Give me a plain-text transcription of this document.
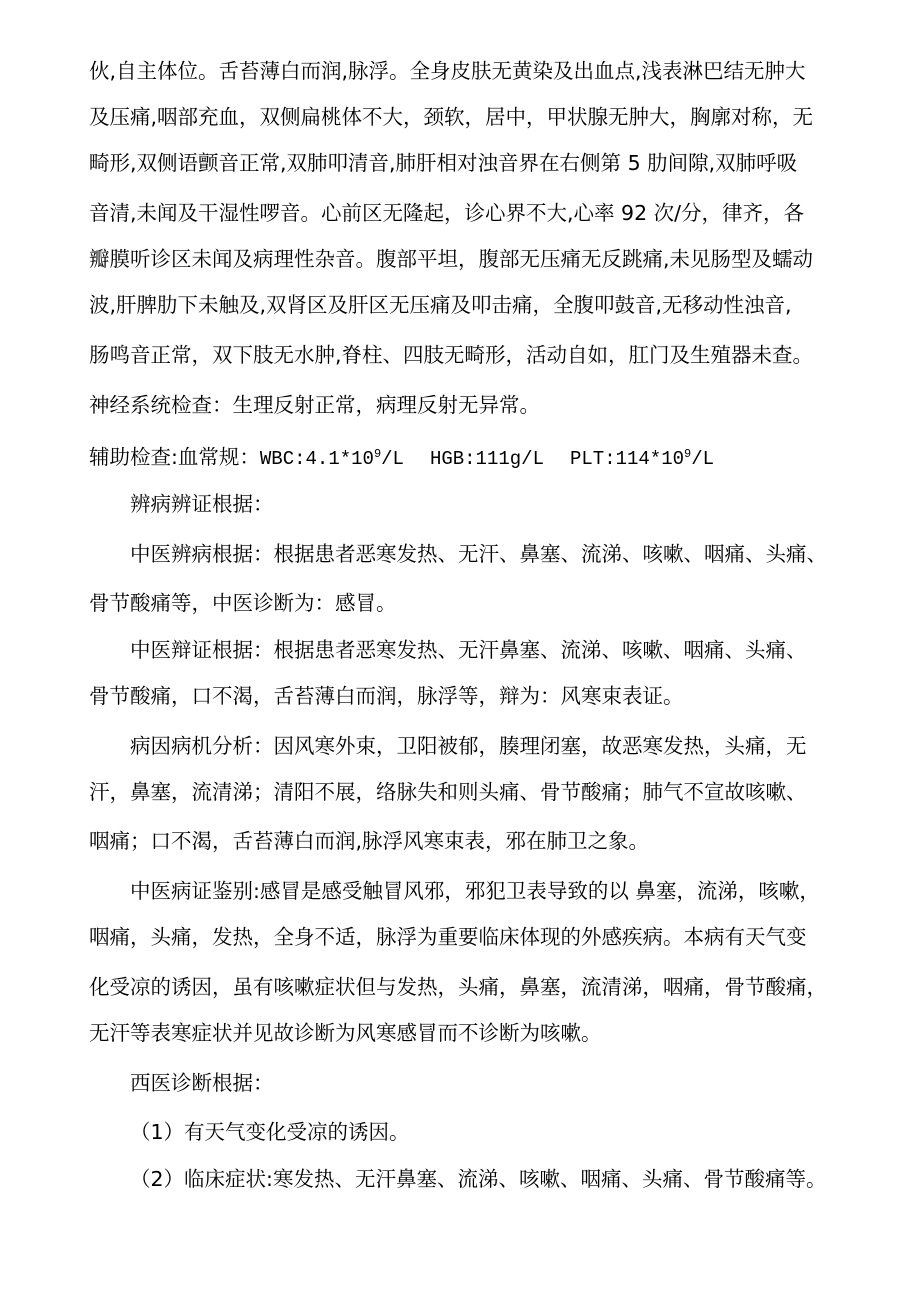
伙,自主体位。舌苔薄白而润,脉浮。全身皮肤无黄染及出血点,浅表淋巴结无肿大
及压痛,咽部充血，双侧扁桃体不大，颈软，居中，甲状腺无肿大，胸廓对称，无
畸形,双侧语颤音正常,双肺叩清音,肺肝相对浊音界在右侧第 5 肋间隙,双肺呼吸
音清,未闻及干湿性啰音。心前区无隆起，诊心界不大,心率 92 次/分，律齐，各
瓣膜听诊区未闻及病理性杂音。腹部平坦，腹部无压痛无反跳痛,未见肠型及蠕动
波,肝脾肋下未触及,双肾区及肝区无压痛及叩击痛，全腹叩鼓音,无移动性浊音,
肠鸣音正常，双下肢无水肿,脊柱、四肢无畸形，活动自如，肛门及生殖器未查。
神经系统检查：生理反射正常，病理反射无异常。
辅助检查:血常规：$WBC:4.1*10^9/L$ HGB:111g/L $PLT:114*10^9/L$
辨病辨证根据：
中医辨病根据：根据患者恶寒发热、无汗、鼻塞、流涕、咳嗽、咽痛、头痛、
骨节酸痛等，中医诊断为：感冒。
中医辩证根据：根据患者恶寒发热、无汗鼻塞、流涕、咳嗽、咽痛、头痛、
骨节酸痛，口不渴，舌苔薄白而润，脉浮等，辩为：风寒束表证。
病因病机分析：因风寒外束，卫阳被郁，腠理闭塞，故恶寒发热，头痛，无
汗，鼻塞，流清涕；清阳不展，络脉失和则头痛、骨节酸痛；肺气不宣故咳嗽、
咽痛；口不渴，舌苔薄白而润,脉浮风寒束表，邪在肺卫之象。
中医病证鉴别:感冒是感受触冒风邪，邪犯卫表导致的以 鼻塞，流涕，咳嗽，
咽痛，头痛，发热，全身不适，脉浮为重要临床体现的外感疾病。本病有天气变
化受凉的诱因，虽有咳嗽症状但与发热，头痛，鼻塞，流清涕，咽痛，骨节酸痛，
无汗等表寒症状并见故诊断为风寒感冒而不诊断为咳嗽。
西医诊断根据：
（1）有天气变化受凉的诱因。
（2）临床症状:寒发热、无汗鼻塞、流涕、咳嗽、咽痛、头痛、骨节酸痛等。
